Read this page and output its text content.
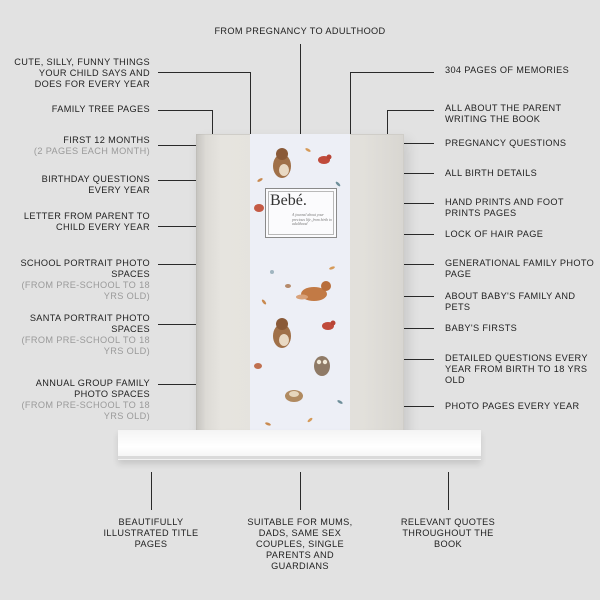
FROM PREGNANCY TO ADULTHOOD
CUTE, SILLY, FUNNY THINGS YOUR CHILD SAYS AND DOES FOR EVERY YEAR
FAMILY TREE PAGES
FIRST 12 MONTHS
(2 PAGES EACH MONTH)
BIRTHDAY QUESTIONS EVERY YEAR
LETTER FROM PARENT TO CHILD EVERY YEAR
SCHOOL PORTRAIT PHOTO SPACES
(FROM PRE-SCHOOL TO 18 YRS OLD)
SANTA PORTRAIT PHOTO SPACES
(FROM PRE-SCHOOL TO 18 YRS OLD)
ANNUAL GROUP FAMILY PHOTO SPACES
(FROM PRE-SCHOOL TO 18 YRS OLD)
304 PAGES OF MEMORIES
ALL ABOUT THE PARENT WRITING THE BOOK
PREGNANCY QUESTIONS
ALL BIRTH DETAILS
HAND PRINTS AND FOOT PRINTS PAGES
LOCK OF HAIR PAGE
GENERATIONAL FAMILY PHOTO PAGE
ABOUT BABY'S FAMILY AND PETS
BABY'S FIRSTS
DETAILED QUESTIONS EVERY YEAR FROM BIRTH TO 18 YRS OLD
PHOTO PAGES EVERY YEAR
Bebé.
A journal about your precious life, from birth to adulthood
BEAUTIFULLY ILLUSTRATED TITLE PAGES
SUITABLE FOR MUMS, DADS, SAME SEX COUPLES, SINGLE PARENTS AND GUARDIANS
RELEVANT QUOTES THROUGHOUT THE BOOK
